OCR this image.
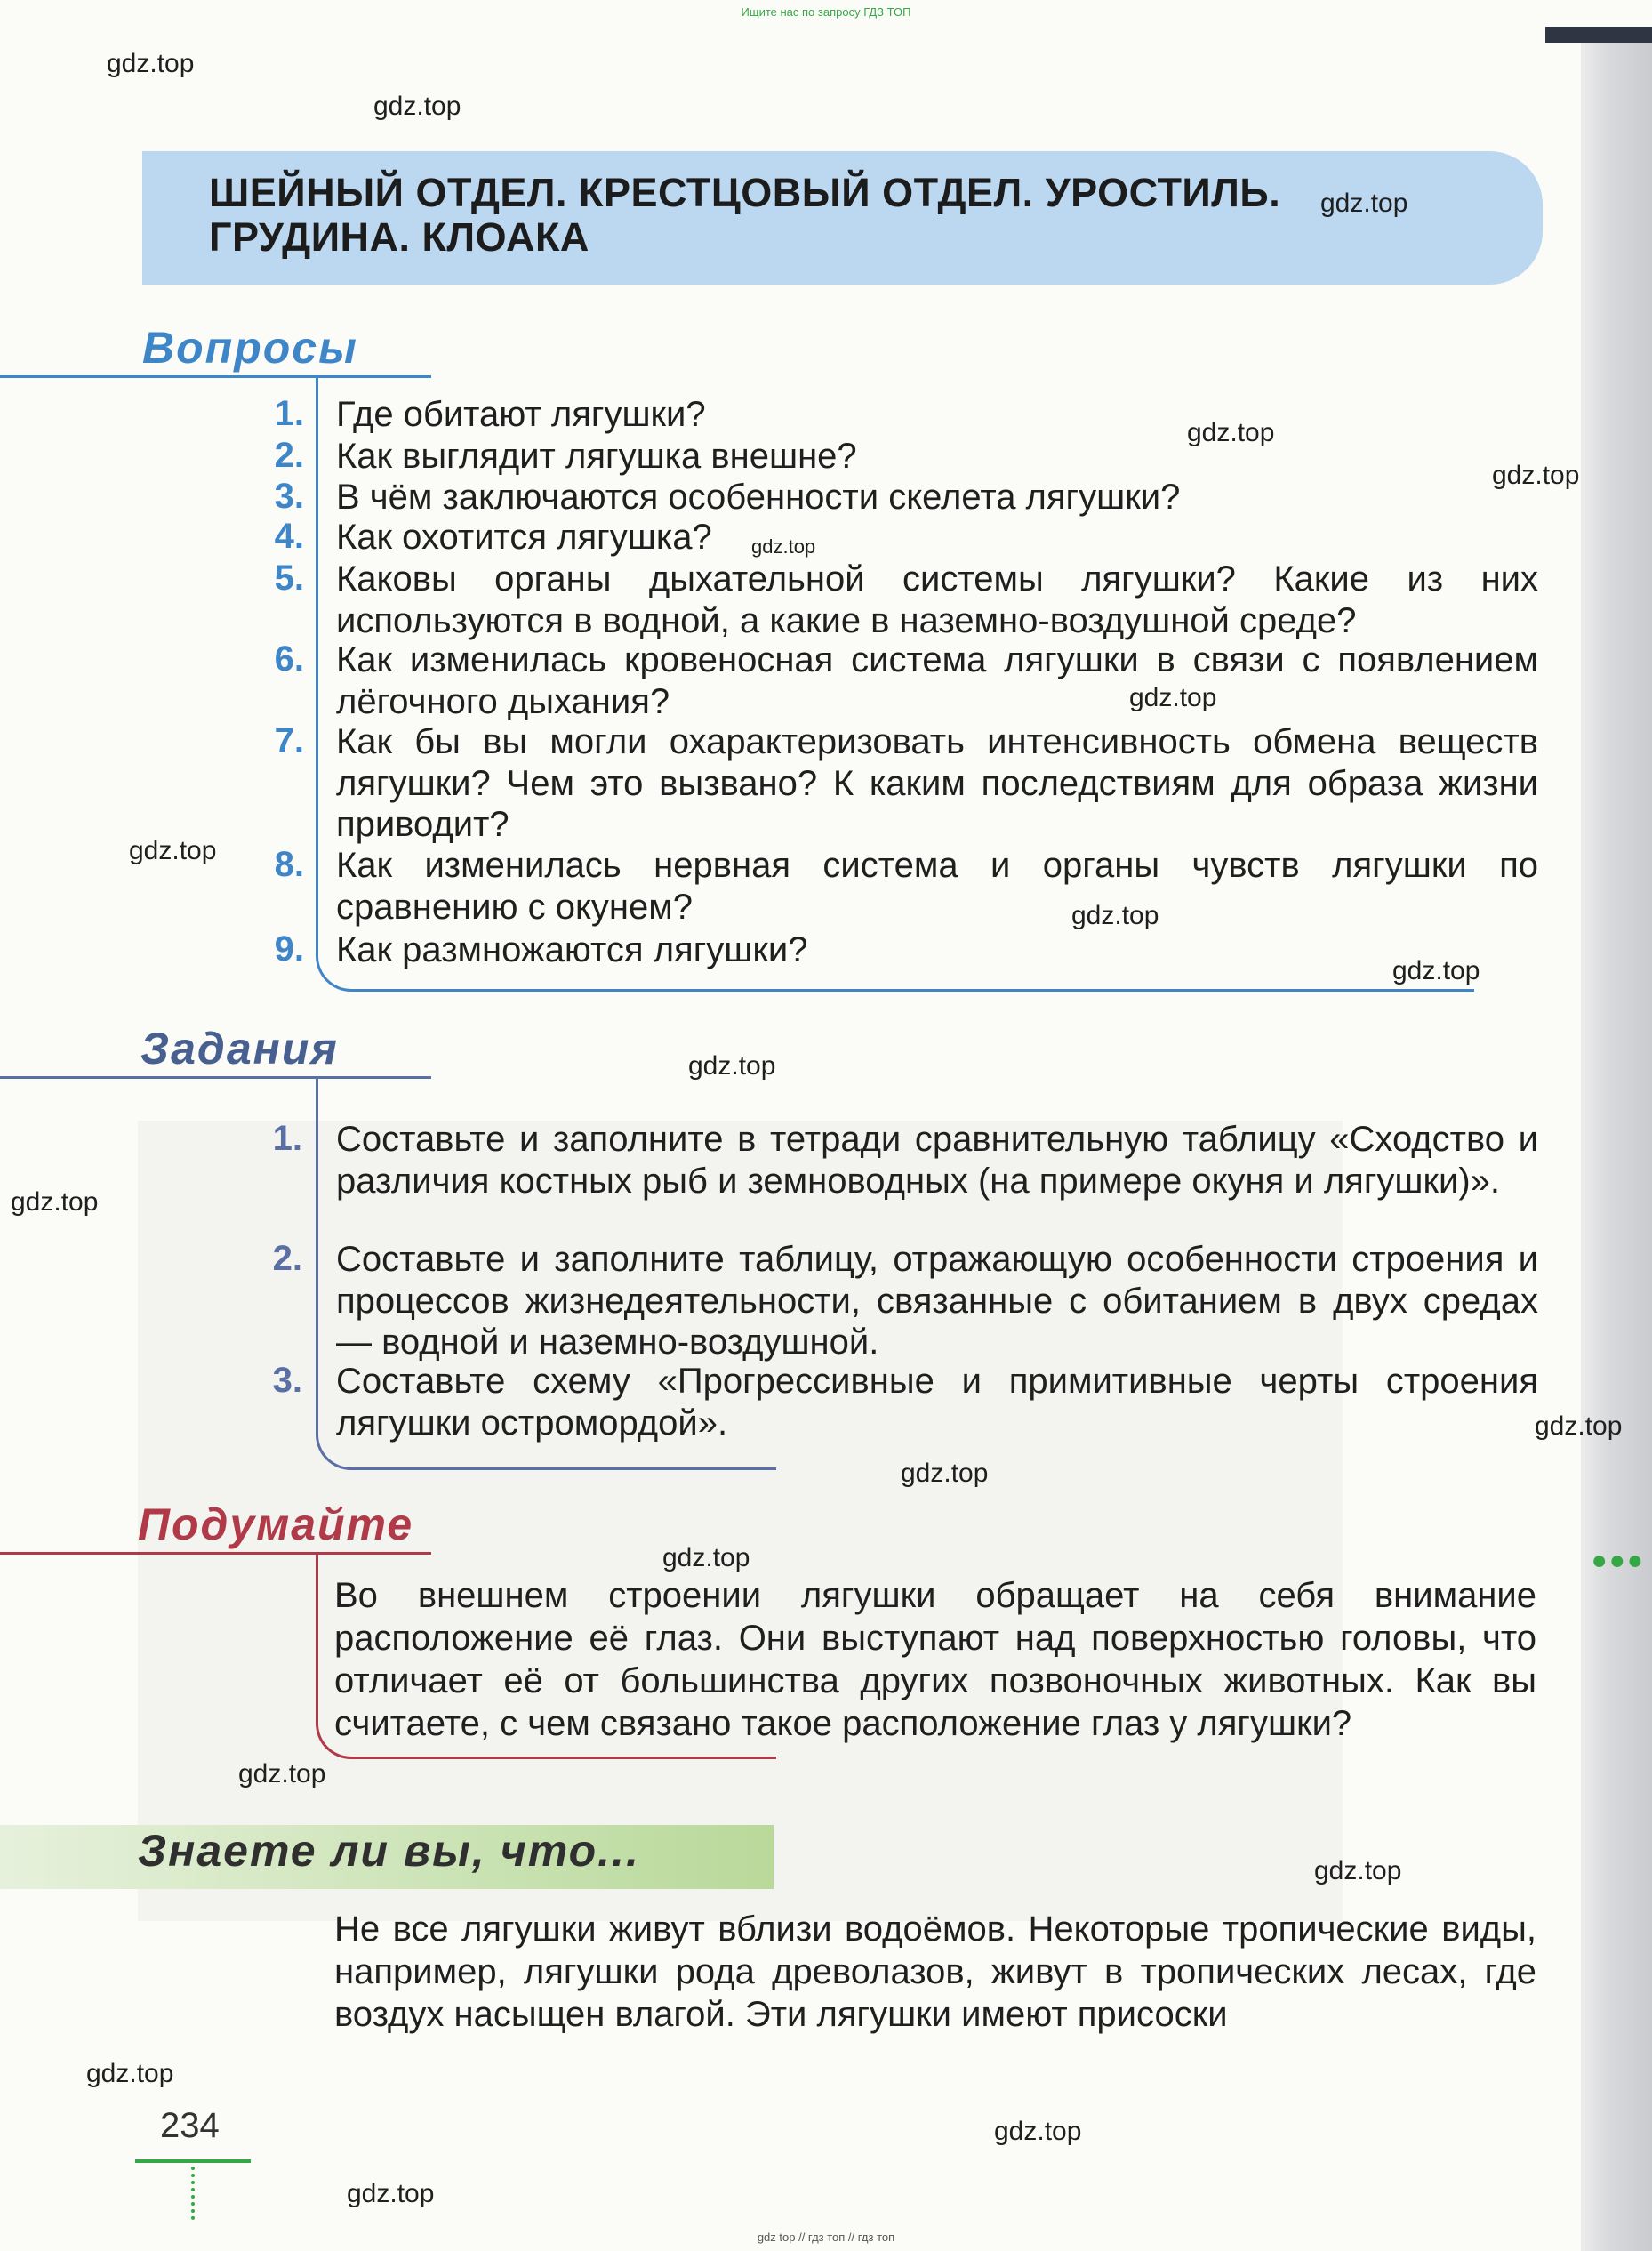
Ищите нас по запросу ГДЗ ТОП
ШЕЙНЫЙ ОТДЕЛ. КРЕСТЦОВЫЙ ОТДЕЛ. УРОСТИЛЬ.
ГРУДИНА. КЛОАКА
Вопросы
1. Где обитают лягушки?
2. Как выглядит лягушка внешне?
3. В чём заключаются особенности скелета лягушки?
4. Как охотится лягушка?
5. Каковы органы дыхательной системы лягушки? Какие из них используются в водной, а какие в наземно-воздушной среде?
6. Как изменилась кровеносная система лягушки в связи с появлением лёгочного дыхания?
7. Как бы вы могли охарактеризовать интенсивность обмена веществ лягушки? Чем это вызвано? К каким последствиям для образа жизни приводит?
8. Как изменилась нервная система и органы чувств лягушки по сравнению с окунем?
9. Как размножаются лягушки?
Задания
1. Составьте и заполните в тетради сравнительную таблицу «Сходство и различия костных рыб и земноводных (на примере окуня и лягушки)».
2. Составьте и заполните таблицу, отражающую особенности строения и процессов жизнедеятельности, связанные с обитанием в двух средах — водной и наземно-воздушной.
3. Составьте схему «Прогрессивные и примитивные черты строения лягушки остромордой».
Подумайте
Во внешнем строении лягушки обращает на себя внимание расположение её глаз. Они выступают над поверхностью головы, что отличает её от большинства других позвоночных животных. Как вы считаете, с чем связано такое расположение глаз у лягушки?
Знаете ли вы, что...
Не все лягушки живут вблизи водоёмов. Некоторые тропические виды, например, лягушки рода древолазов, живут в тропических лесах, где воздух насыщен влагой. Эти лягушки имеют присоски
234
●●●
gdz.top
gdz.top
gdz.top
gdz.top
gdz.top
gdz.top
gdz.top
gdz.top
gdz.top
gdz.top
gdz.top
gdz.top
gdz.top
gdz.top
gdz.top
gdz.top
gdz.top
gdz.top
gdz.top
gdz.top
gdz top // гдз топ // гдз топ
